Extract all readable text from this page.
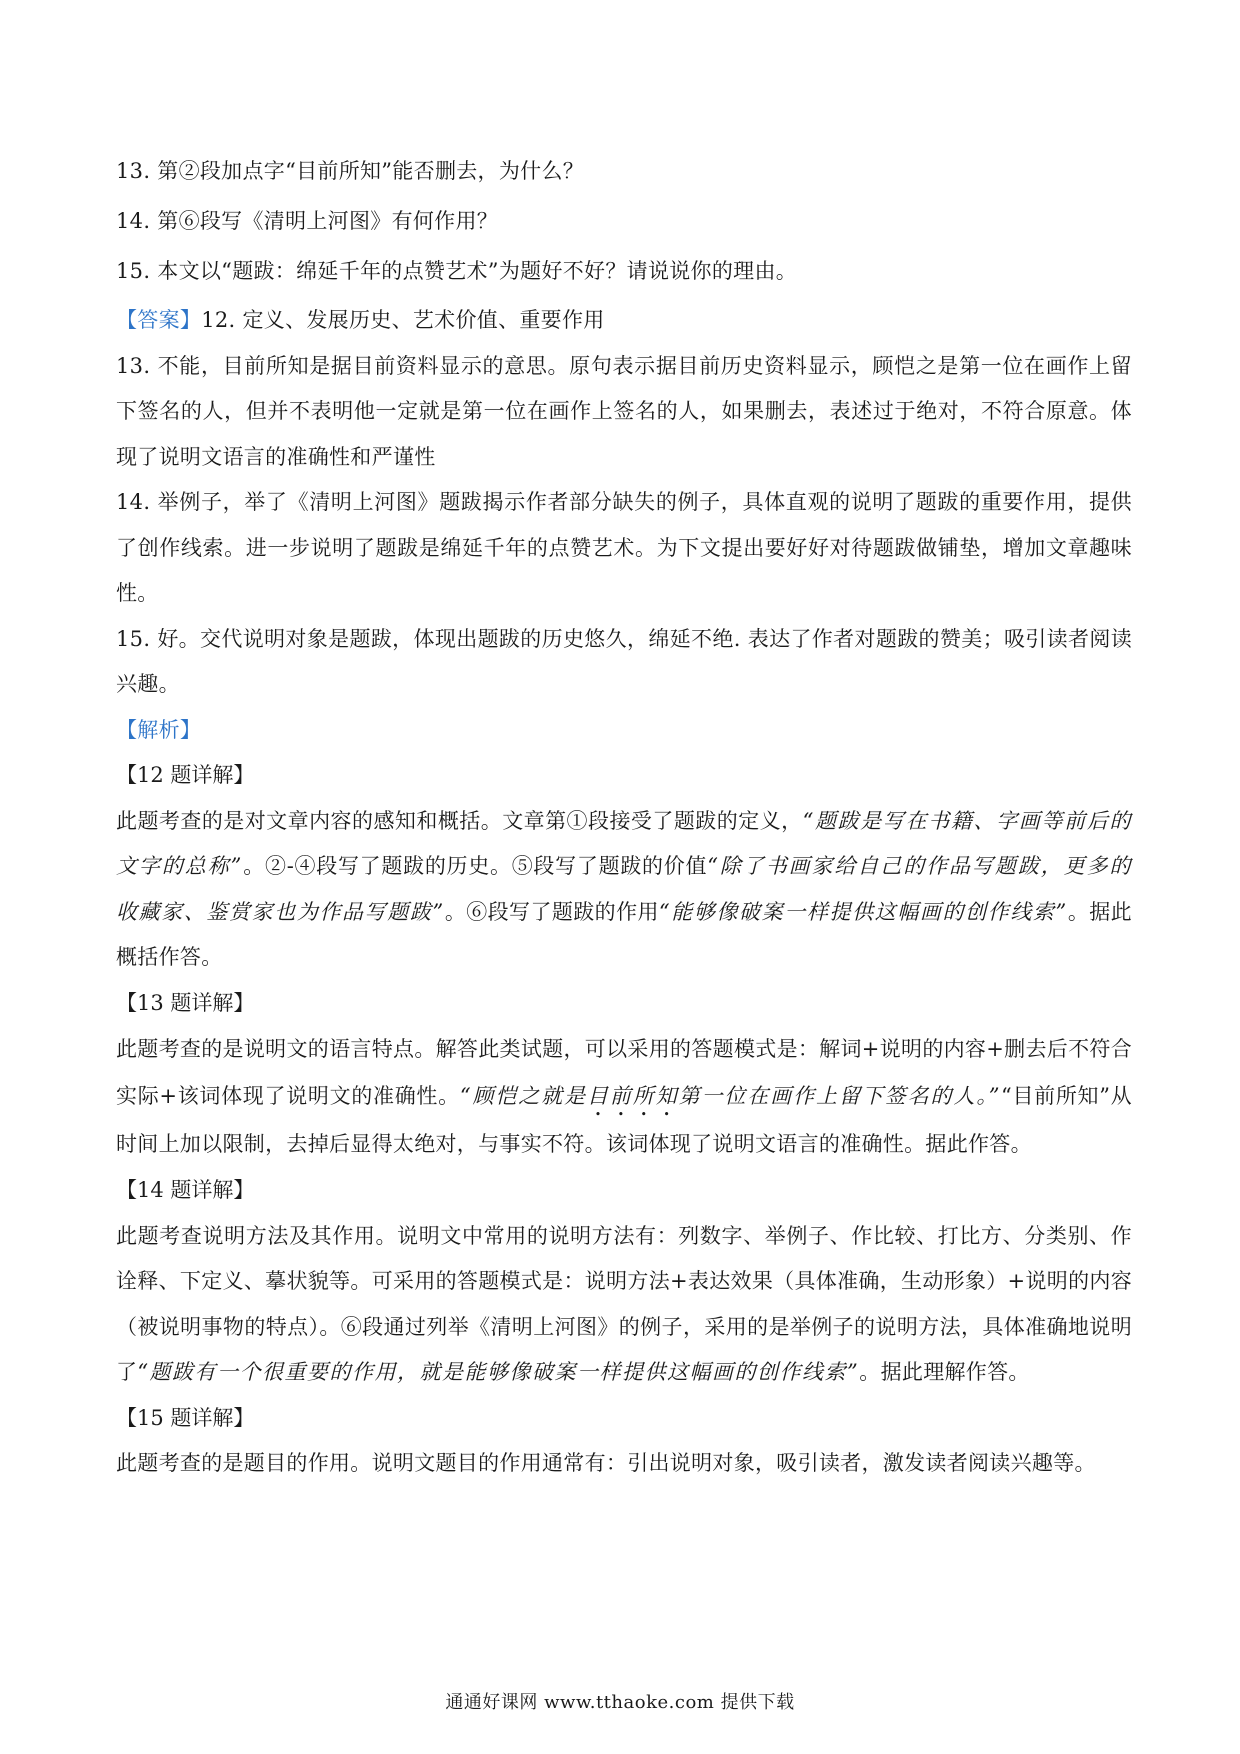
13. 第②段加点字“目前所知”能否删去，为什么？

14. 第⑥段写《清明上河图》有何作用？

15. 本文以“题跋：绵延千年的点赞艺术”为题好不好？请说说你的理由。

【答案】12. 定义、发展历史、艺术价值、重要作用

13. 不能，目前所知是据目前资料显示的意思。原句表示据目前历史资料显示，顾恺之是第一位在画作上留下签名的人，但并不表明他一定就是第一位在画作上签名的人，如果删去，表述过于绝对，不符合原意。体现了说明文语言的准确性和严谨性

14. 举例子，举了《清明上河图》题跋揭示作者部分缺失的例子，具体直观的说明了题跋的重要作用，提供了创作线索。进一步说明了题跋是绵延千年的点赞艺术。为下文提出要好好对待题跋做铺垫，增加文章趣味性。

15. 好。交代说明对象是题跋，体现出题跋的历史悠久，绵延不绝. 表达了作者对题跋的赞美；吸引读者阅读兴趣。

【解析】

【12 题详解】

此题考查的是对文章内容的感知和概括。文章第①段接受了题跋的定义，“题跋是写在书籍、字画等前后的文字的总称”。②-④段写了题跋的历史。⑤段写了题跋的价值“除了书画家给自己的作品写题跋，更多的收藏家、鉴赏家也为作品写题跋”。⑥段写了题跋的作用“能够像破案一样提供这幅画的创作线索”。据此概括作答。

【13 题详解】

此题考查的是说明文的语言特点。解答此类试题，可以采用的答题模式是：解词+说明的内容+删去后不符合实际+该词体现了说明文的准确性。“顾恺之就是目前所知第一位在画作上留下签名的人。”“目前所知”从时间上加以限制，去掉后显得太绝对，与事实不符。该词体现了说明文语言的准确性。据此作答。

【14 题详解】

此题考查说明方法及其作用。说明文中常用的说明方法有：列数字、举例子、作比较、打比方、分类别、作诠释、下定义、摹状貌等。可采用的答题模式是：说明方法+表达效果（具体准确，生动形象）+说明的内容（被说明事物的特点）。⑥段通过列举《清明上河图》的例子，采用的是举例子的说明方法，具体准确地说明了“题跋有一个很重要的作用，就是能够像破案一样提供这幅画的创作线索”。据此理解作答。

【15 题详解】

此题考查的是题目的作用。说明文题目的作用通常有：引出说明对象，吸引读者，激发读者阅读兴趣等。

通通好课网 www.tthaoke.com 提供下载
